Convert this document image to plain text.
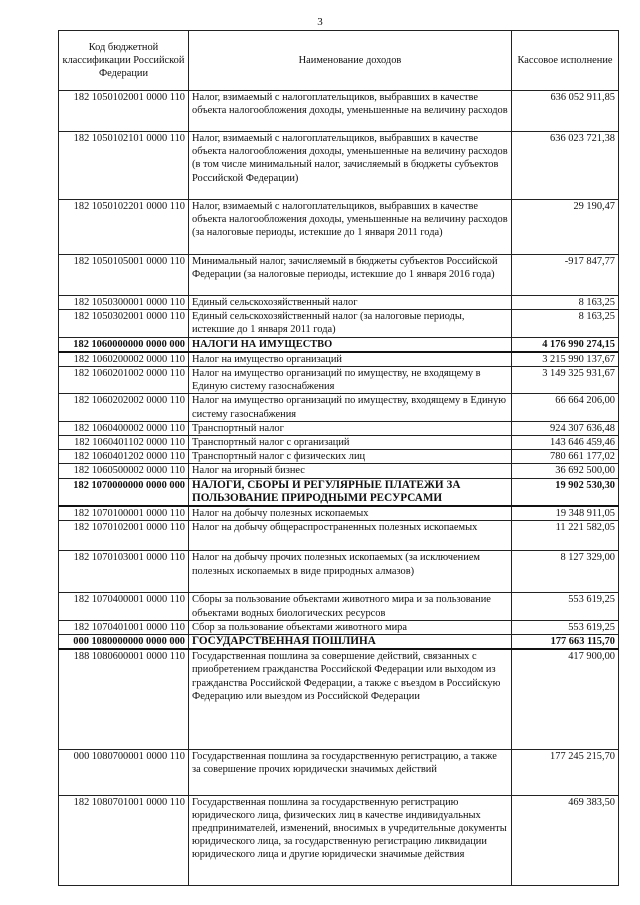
3
Код бюджетной классификации Российской Федерации	Наименование доходов	Кассовое исполнение
182 1050102001 0000 110	Налог, взимаемый с налогоплательщиков, выбравших в качестве объекта налогообложения доходы, уменьшенные на величину расходов	636 052 911,85
182 1050102101 0000 110	Налог, взимаемый с налогоплательщиков, выбравших в качестве объекта налогообложения доходы, уменьшенные на величину расходов (в том числе минимальный налог, зачисляемый в бюджеты субъектов Российской Федерации)	636 023 721,38
182 1050102201 0000 110	Налог, взимаемый с налогоплательщиков, выбравших в качестве объекта налогообложения доходы, уменьшенные на величину расходов (за налоговые периоды, истекшие до 1 января 2011 года)	29 190,47
182 1050105001 0000 110	Минимальный налог, зачисляемый в бюджеты субъектов Российской Федерации (за налоговые периоды, истекшие до 1 января 2016 года)	-917 847,77
182 1050300001 0000 110	Единый сельскохозяйственный налог	8 163,25
182 1050302001 0000 110	Единый сельскохозяйственный налог (за налоговые периоды, истекшие до 1 января 2011 года)	8 163,25
182 1060000000 0000 000	НАЛОГИ НА ИМУЩЕСТВО	4 176 990 274,15
182 1060200002 0000 110	Налог на имущество организаций	3 215 990 137,67
182 1060201002 0000 110	Налог на имущество организаций по имуществу, не входящему в Единую систему газоснабжения	3 149 325 931,67
182 1060202002 0000 110	Налог на имущество организаций по имуществу, входящему в Единую систему газоснабжения	66 664 206,00
182 1060400002 0000 110	Транспортный налог	924 307 636,48
182 1060401102 0000 110	Транспортный налог с организаций	143 646 459,46
182 1060401202 0000 110	Транспортный налог с физических лиц	780 661 177,02
182 1060500002 0000 110	Налог на игорный бизнес	36 692 500,00
182 1070000000 0000 000	НАЛОГИ, СБОРЫ И РЕГУЛЯРНЫЕ ПЛАТЕЖИ ЗА ПОЛЬЗОВАНИЕ ПРИРОДНЫМИ РЕСУРСАМИ	19 902 530,30
182 1070100001 0000 110	Налог на добычу полезных ископаемых	19 348 911,05
182 1070102001 0000 110	Налог на добычу общераспространенных полезных ископаемых	11 221 582,05
182 1070103001 0000 110	Налог на добычу прочих полезных ископаемых (за исключением полезных ископаемых в виде природных алмазов)	8 127 329,00
182 1070400001 0000 110	Сборы за пользование объектами животного мира и за пользование объектами водных биологических ресурсов	553 619,25
182 1070401001 0000 110	Сбор за пользование объектами животного мира	553 619,25
000 1080000000 0000 000	ГОСУДАРСТВЕННАЯ ПОШЛИНА	177 663 115,70
188 1080600001 0000 110	Государственная пошлина за совершение действий, связанных с приобретением гражданства Российской Федерации или выходом из гражданства Российской Федерации, а также с въездом в Российскую Федерацию или выездом из Российской Федерации	417 900,00
000 1080700001 0000 110	Государственная пошлина за государственную регистрацию, а также за совершение прочих юридически значимых действий	177 245 215,70
182 1080701001 0000 110	Государственная пошлина за государственную регистрацию юридического лица, физических лиц в качестве индивидуальных предпринимателей, изменений, вносимых в учредительные документы юридического лица, за государственную регистрацию ликвидации юридического лица и другие юридически значимые действия	469 383,50
